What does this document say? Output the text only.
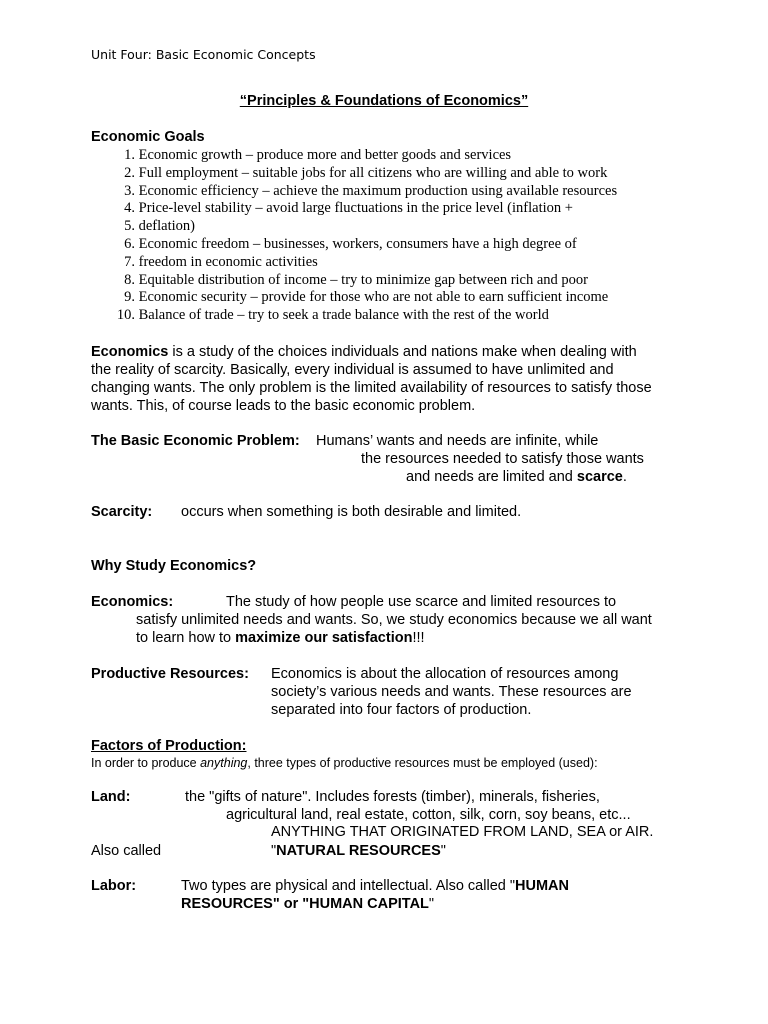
Unit Four: Basic Economic Concepts
“Principles & Foundations of Economics”
Economic Goals
1. Economic growth – produce more and better goods and services
2. Full employment – suitable jobs for all citizens who are willing and able to work
3. Economic efficiency – achieve the maximum production using available resources
4. Price-level stability – avoid large fluctuations in the price level (inflation +
5. deflation)
6. Economic freedom – businesses, workers, consumers have a high degree of
7. freedom in economic activities
8. Equitable distribution of income – try to minimize gap between rich and poor
9. Economic security – provide for those who are not able to earn sufficient income
10. Balance of trade – try to seek a trade balance with the rest of the world
Economics is a study of the choices individuals and nations make when dealing with
the reality of scarcity. Basically, every individual is assumed to have unlimited and
changing wants. The only problem is the limited availability of resources to satisfy those
wants. This, of course leads to the basic economic problem.
The Basic Economic Problem: Humans’ wants and needs are infinite, while
the resources needed to satisfy those wants
and needs are limited and scarce.
Scarcity: occurs when something is both desirable and limited.
Why Study Economics?
Economics:	The study of how people use scarce and limited resources to
satisfy unlimited needs and wants. So, we study economics because we all want
to learn how to maximize our satisfaction!!!
Productive Resources: Economics is about the allocation of resources among
society’s various needs and wants. These resources are
separated into four factors of production.
Factors of Production:
In order to produce anything, three types of productive resources must be employed (used):
Land:	the "gifts of nature". Includes forests (timber), minerals, fisheries,
agricultural land, real estate, cotton, silk, corn, soy beans, etc...
ANYTHING THAT ORIGINATED FROM LAND, SEA or AIR.
Also called	"NATURAL RESOURCES"
Labor:	Two types are physical and intellectual. Also called "HUMAN
RESOURCES" or "HUMAN CAPITAL"
